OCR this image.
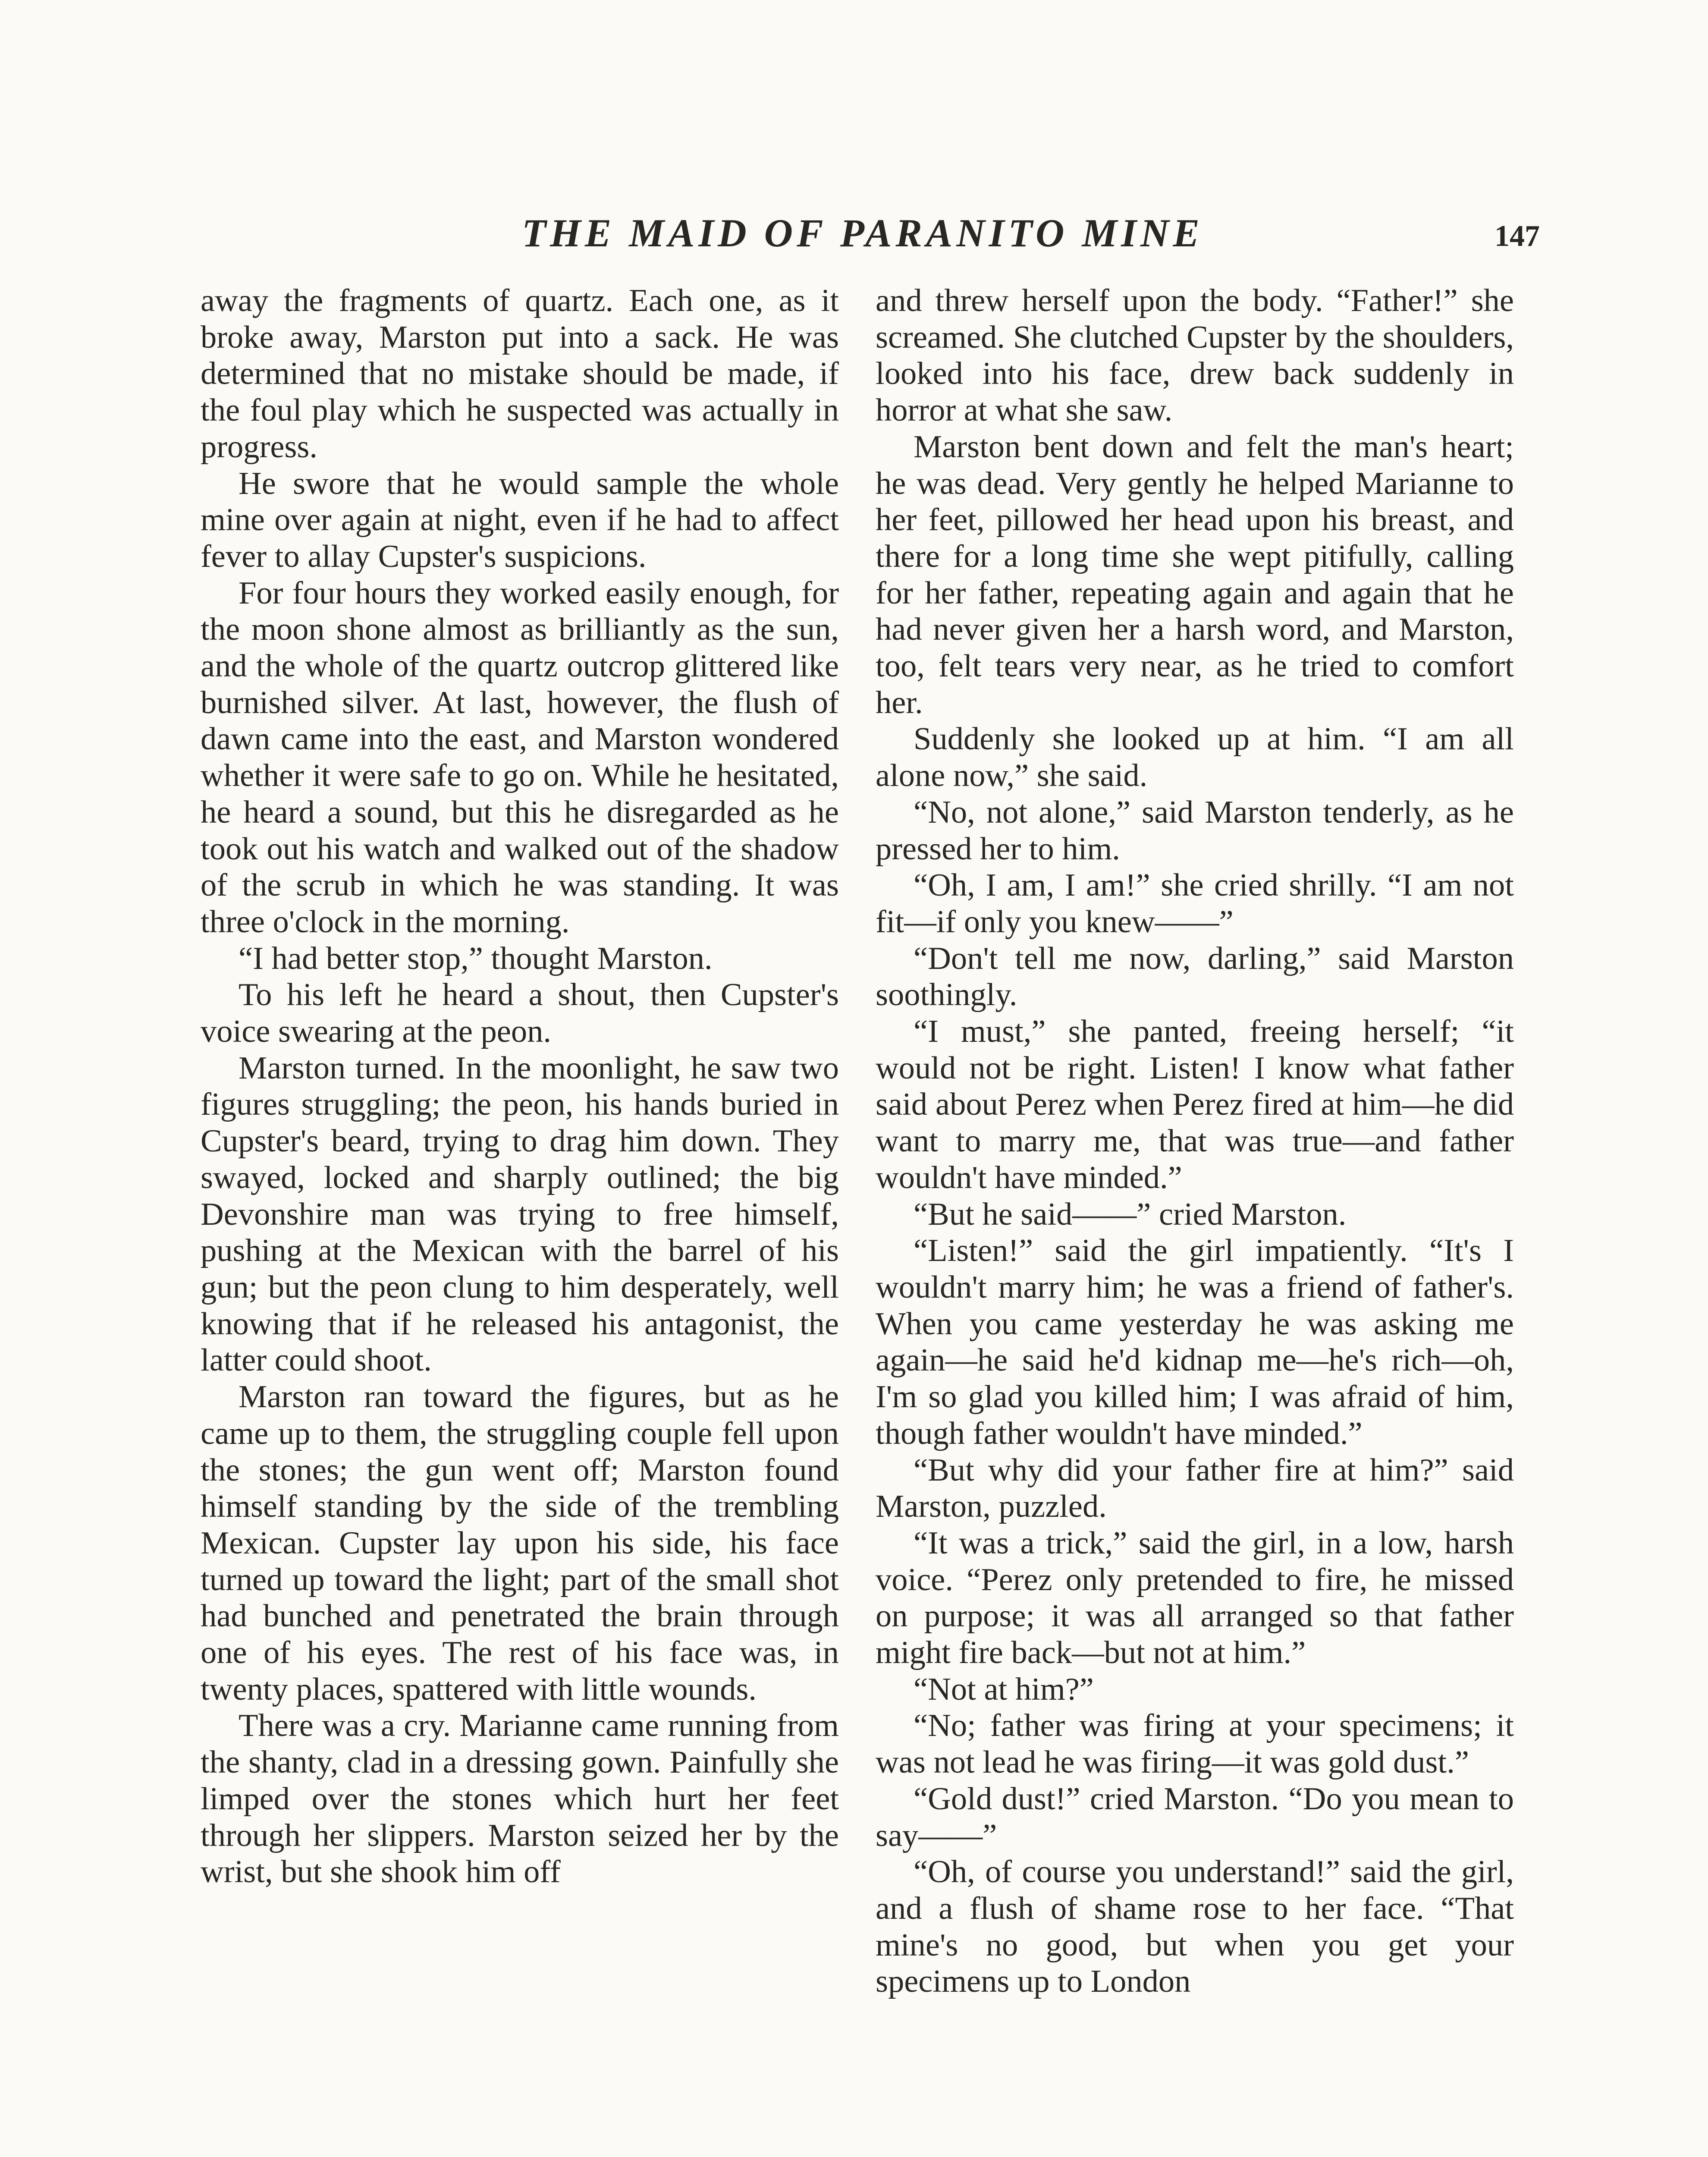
THE MAID OF PARANITO MINE	147

away the fragments of quartz. Each one, as it broke away, Marston put into a sack. He was determined that no mistake should be made, if the foul play which he suspected was actually in progress.

He swore that he would sample the whole mine over again at night, even if he had to affect fever to allay Cupster's suspicions.

For four hours they worked easily enough, for the moon shone almost as brilliantly as the sun, and the whole of the quartz outcrop glittered like burnished silver. At last, however, the flush of dawn came into the east, and Marston wondered whether it were safe to go on. While he hesitated, he heard a sound, but this he disregarded as he took out his watch and walked out of the shadow of the scrub in which he was standing. It was three o'clock in the morning.

“I had better stop,” thought Marston.

To his left he heard a shout, then Cupster's voice swearing at the peon.

Marston turned. In the moonlight, he saw two figures struggling; the peon, his hands buried in Cupster's beard, trying to drag him down. They swayed, locked and sharply outlined; the big Devonshire man was trying to free himself, pushing at the Mexican with the barrel of his gun; but the peon clung to him desperately, well knowing that if he released his antagonist, the latter could shoot.

Marston ran toward the figures, but as he came up to them, the struggling couple fell upon the stones; the gun went off; Marston found himself standing by the side of the trembling Mexican. Cupster lay upon his side, his face turned up toward the light; part of the small shot had bunched and penetrated the brain through one of his eyes. The rest of his face was, in twenty places, spattered with little wounds.

There was a cry. Marianne came running from the shanty, clad in a dressing gown. Painfully she limped over the stones which hurt her feet through her slippers. Marston seized her by the wrist, but she shook him off

and threw herself upon the body. “Father!” she screamed. She clutched Cupster by the shoulders, looked into his face, drew back suddenly in horror at what she saw.

Marston bent down and felt the man's heart; he was dead. Very gently he helped Marianne to her feet, pillowed her head upon his breast, and there for a long time she wept pitifully, calling for her father, repeating again and again that he had never given her a harsh word, and Marston, too, felt tears very near, as he tried to comfort her.

Suddenly she looked up at him. “I am all alone now,” she said.

“No, not alone,” said Marston tenderly, as he pressed her to him.

“Oh, I am, I am!” she cried shrilly. “I am not fit—if only you knew——”

“Don't tell me now, darling,” said Marston soothingly.

“I must,” she panted, freeing herself; “it would not be right. Listen! I know what father said about Perez when Perez fired at him—he did want to marry me, that was true—and father wouldn't have minded.”

“But he said——” cried Marston.

“Listen!” said the girl impatiently. “It's I wouldn't marry him; he was a friend of father's. When you came yesterday he was asking me again—he said he'd kidnap me—he's rich—oh, I'm so glad you killed him; I was afraid of him, though father wouldn't have minded.”

“But why did your father fire at him?” said Marston, puzzled.

“It was a trick,” said the girl, in a low, harsh voice. “Perez only pretended to fire, he missed on purpose; it was all arranged so that father might fire back—but not at him.”

“Not at him?”

“No; father was firing at your specimens; it was not lead he was firing—it was gold dust.”

“Gold dust!” cried Marston. “Do you mean to say——”

“Oh, of course you understand!” said the girl, and a flush of shame rose to her face. “That mine's no good, but when you get your specimens up to London
